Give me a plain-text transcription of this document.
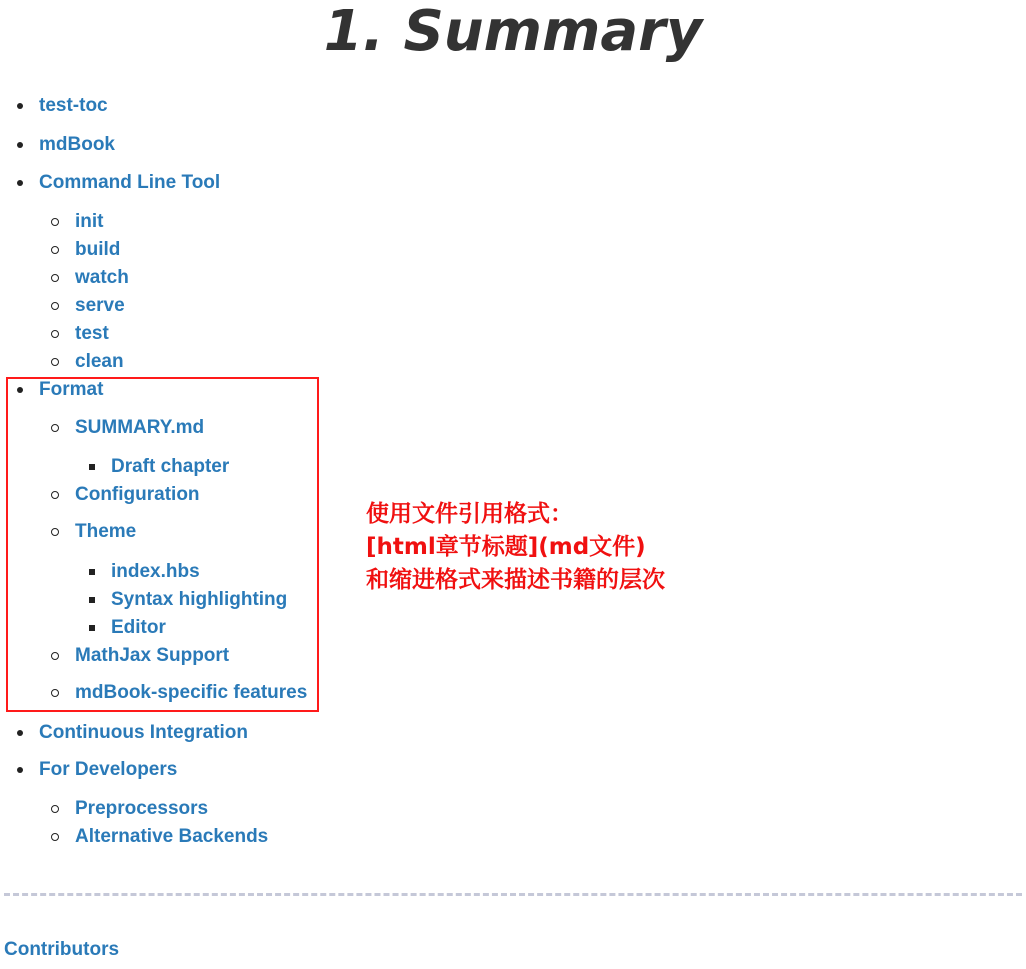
1. Summary
test-toc
mdBook
Command Line Tool
init
build
watch
serve
test
clean
Format
SUMMARY.md
Draft chapter
Configuration
Theme
index.hbs
Syntax highlighting
Editor
MathJax Support
mdBook-specific features
Continuous Integration
For Developers
Preprocessors
Alternative Backends
使用文件引用格式：
[html章节标题](md文件)
和缩进格式来描述书籍的层次
Contributors
